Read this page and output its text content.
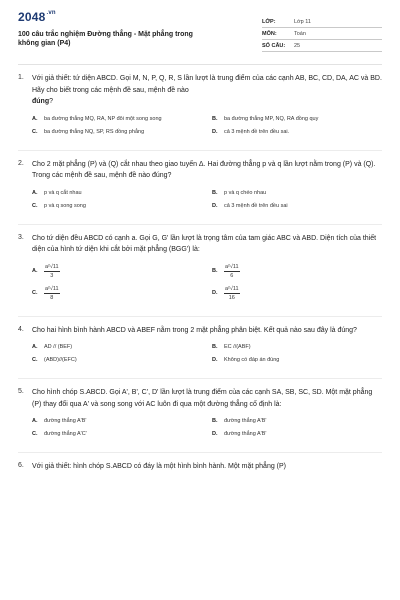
$2048^{.vn}$
100 câu trắc nghiệm Đường thẳng - Mặt phẳng trong không gian (P4)
LỚP:	Lớp 11
MÔN:	Toán
SỐ CÂU:	25
1.	Với giả thiết: tứ diện ABCD. Gọi M, N, P, Q, R, S lần lượt là trung điểm của các cạnh AB, BC, CD, DA, AC và BD. Hãy cho biết trong các mệnh đề sau, mệnh đề nào
đúng?
A.	ba đường thẳng MQ, RA, NP đôi một song song	B.	ba đường thẳng MP, NQ, RA đồng quy
C.	ba đường thẳng NQ, SP, RS đồng phẳng	D.	cả 3 mệnh đề trên đều sai.
2.	Cho 2 mặt phẳng (P) và (Q) cắt nhau theo giao tuyến Δ. Hai đường thẳng p và q lần lượt nằm trong (P) và (Q). Trong các mệnh đề sau, mệnh đề nào đúng?
A.	p và q cắt nhau	B.	p và q chéo nhau
C.	p và q song song	D.	cả 3 mệnh đề trên đều sai
3.	Cho tứ diện đều ABCD có cạnh a. Gọi G, G' lần lượt là trọng tâm của tam giác ABC và ABD. Diện tích của thiết diện của hình tứ diện khi cắt bởi mặt phẳng (BGG') là:
A.	$\frac{\text{a²√11}}{3}$	B.	$\frac{\text{a²√11}}{6}$
C.	$\frac{\text{a²√11}}{8}$	D.	$\frac{\text{a²√11}}{16}$
4.	Cho hai hình bình hành ABCD và ABEF nằm trong 2 mặt phẳng phân biệt. Kết quả nào sau đây là đúng?
A.	AD // (BEF)	B.	EC //(ABF)
C.	(ABD)//(EFC)	D.	Không có đáp án đúng
5.	Cho hình chóp S.ABCD. Gọi A', B', C', D' lần lượt là trung điểm của các cạnh SA, SB, SC, SD. Một mặt phẳng (P) thay đổi qua A' và song song với AC luôn đi qua một đường thẳng cố định là:
A.	đường thẳng A'B'	B.	đường thẳng A'B'
C.	đường thẳng A'C'	D.	đường thẳng A'B'
6.	Với giả thiết: hình chóp S.ABCD có đáy là một hình bình hành. Một mặt phẳng (P)
